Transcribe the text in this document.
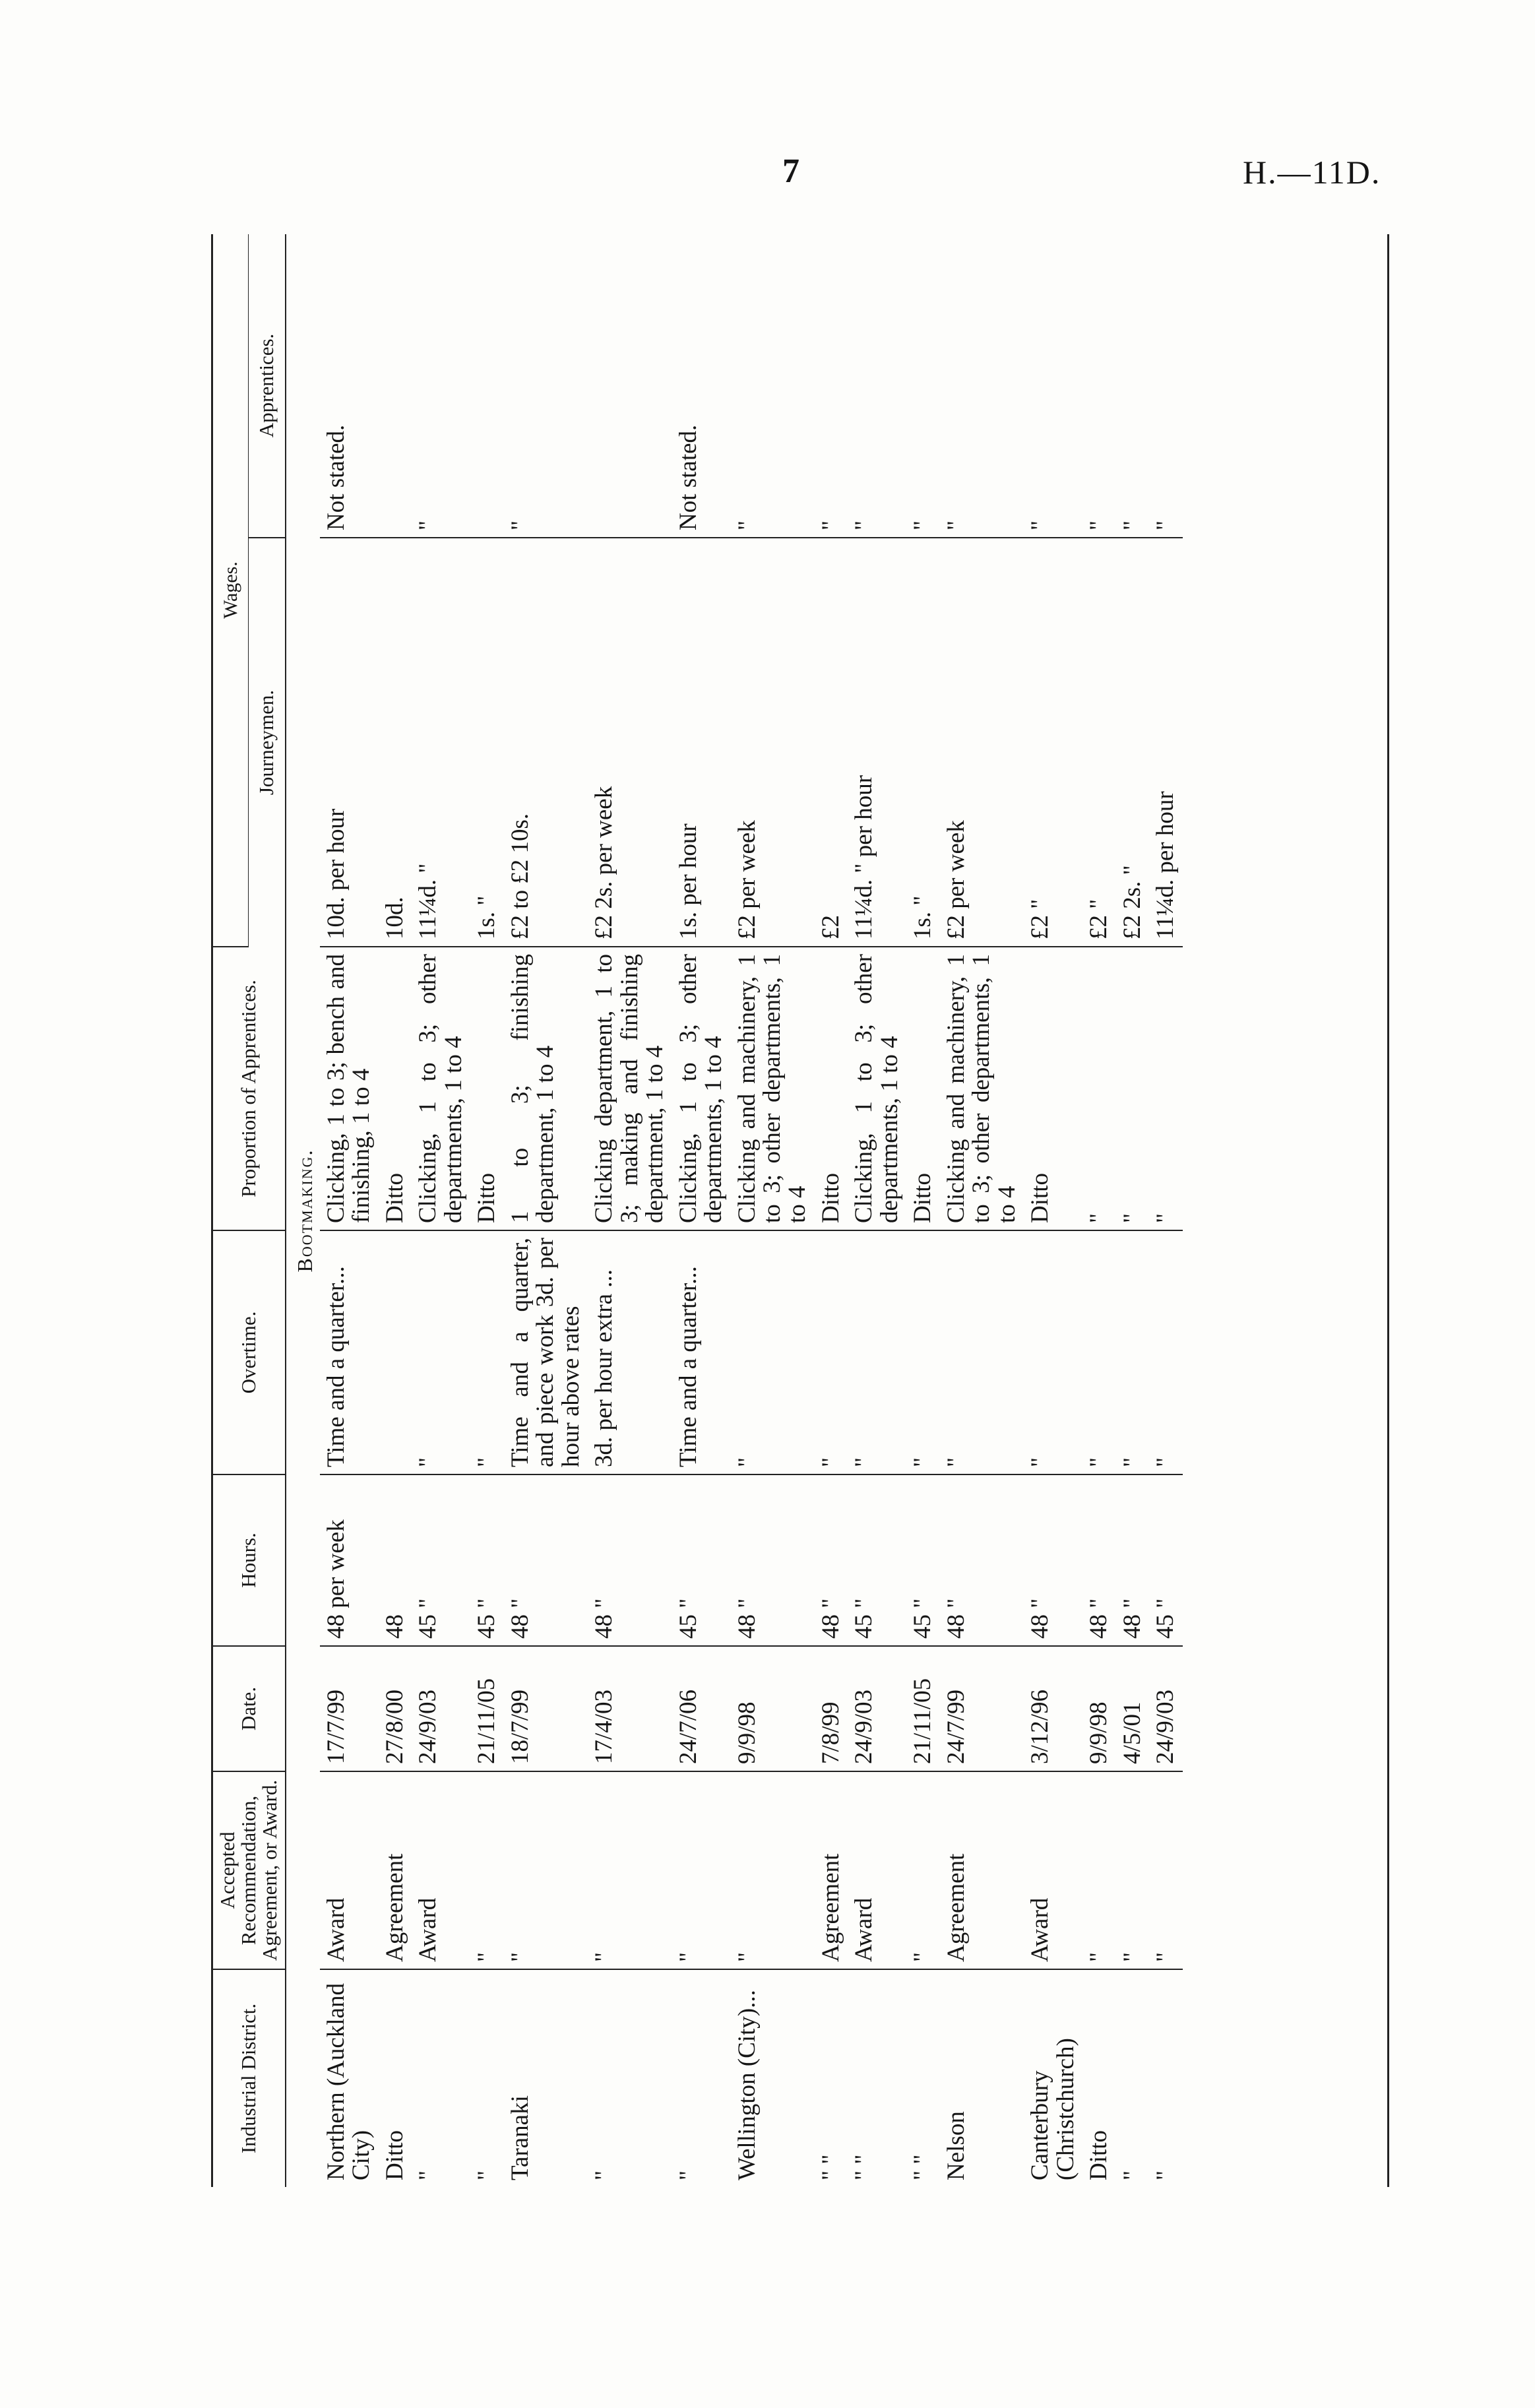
7	H.—11D.
Industrial District.	Accepted Recommendation, Agreement, or Award.	Date.	Hours.	Overtime.	Proportion of Apprentices.	Wages.	
						Journeymen.	Apprentices.
Bootmaking.							
Northern (Auckland City)	Award	17/7/99	48 per week	Time and a quarter...	Clicking, 1 to 3; bench and finishing, 1 to 4	10d. per hour	Not stated.
Ditto	Agreement	27/8/00	48		Ditto	10d.	
"	Award	24/9/03	45 "	"	Clicking, 1 to 3; other departments, 1 to 4	11¼d. "	"
"	"	21/11/05	45 "	"	Ditto	1s. "	
Taranaki	"	18/7/99	48 "	Time and a quarter, and piece work 3d. per hour above rates	1 to 3; finishing department, 1 to 4	£2 to £2 10s.	"
"	"	17/4/03	48 "	3d. per hour extra ...	Clicking department, 1 to 3; making and finishing department, 1 to 4	£2 2s. per week	
"	"	24/7/06	45 "	Time and a quarter...	Clicking, 1 to 3; other departments, 1 to 4	1s. per hour	Not stated.
Wellington (City)...	"	9/9/98	48 "	"	Clicking and machinery, 1 to 3; other departments, 1 to 4	£2 per week	"
" "	Agreement	7/8/99	48 "	"	Ditto	£2	"
" "	Award	24/9/03	45 "	"	Clicking, 1 to 3; other departments, 1 to 4	11¼d. " per hour	"
" "	"	21/11/05	45 "	"	Ditto	1s. "	"
Nelson	Agreement	24/7/99	48 "	"	Clicking and machinery, 1 to 3; other departments, 1 to 4	£2 per week	"
Canterbury (Christchurch)	Award	3/12/96	48 "	"	Ditto	£2 "	"
Ditto	"	9/9/98	48 "	"	"	£2 "	"
"	"	4/5/01	48 "	"	"	£2 2s. "	"
"	"	24/9/03	45 "	"	"	11¼d. per hour	"
